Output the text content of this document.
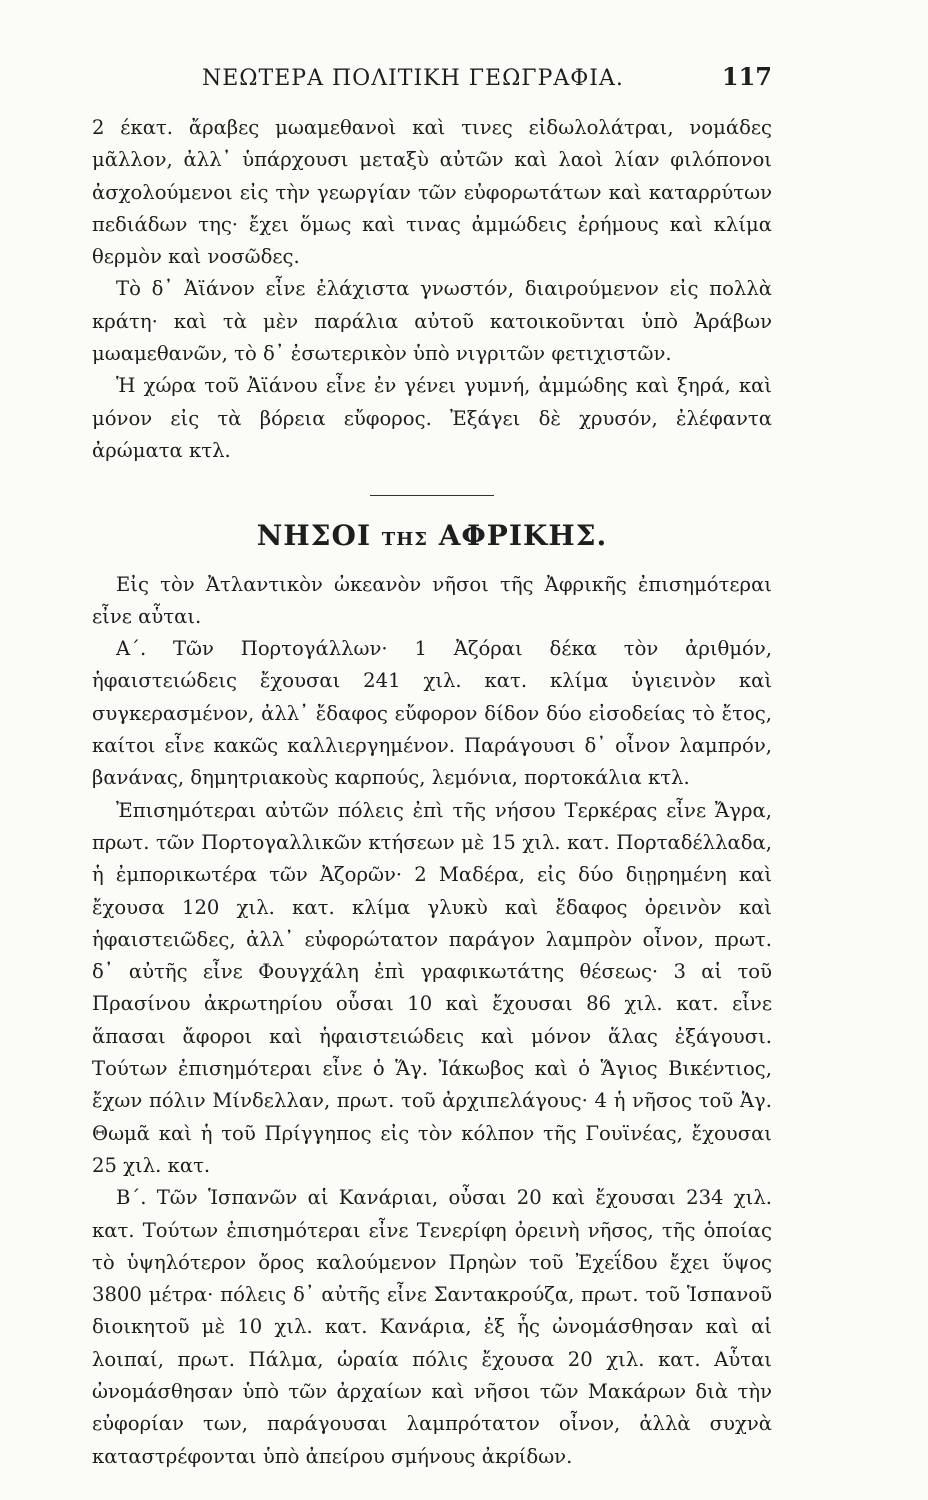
ΝΕΩΤΕΡΑ ΠΟΛΙΤΙΚΗ ΓΕΩΓΡΑΦΙΑ.	117

2 έκατ. ἄραβες μωαμεθανοὶ καὶ τινες εἰδωλολάτραι, νομάδες μᾶλλον, ἀλλ᾽ ὑπάρχουσι μεταξὺ αὐτῶν καὶ λαοὶ λίαν φιλόπονοι ἀσχολούμενοι εἰς τὴν γεωργίαν τῶν εὐφορωτάτων καὶ καταρρύτων πεδιάδων της· ἔχει ὅμως καὶ τινας ἀμμώδεις ἐρήμους καὶ κλίμα θερμὸν καὶ νοσῶδες.

Τὸ δ᾽ Ἀϊάνον εἶνε ἐλάχιστα γνωστόν, διαιρούμενον εἰς πολλὰ κράτη· καὶ τὰ μὲν παράλια αὐτοῦ κατοικοῦνται ὑπὸ Ἀράβων μωαμεθανῶν, τὸ δ᾽ ἐσωτερικὸν ὑπὸ νιγριτῶν φετιχιστῶν.

Ἡ χώρα τοῦ Ἀϊάνου εἶνε ἐν γένει γυμνή, ἀμμώδης καὶ ξηρά, καὶ μόνον εἰς τὰ βόρεια εὔφορος. Ἐξάγει δὲ χρυσόν, ἐλέφαντα ἀρώματα κτλ.

ΝΗΣΟΙ ΤΗΣ ΑΦΡΙΚΗΣ.

Εἰς τὸν Ἀτλαντικὸν ὠκεανὸν νῆσοι τῆς Ἀφρικῆς ἐπισημότεραι εἶνε αὗται.

Α΄. Τῶν Πορτογάλλων· 1 Ἀζόραι δέκα τὸν ἀριθμόν, ἡφαιστειώδεις ἔχουσαι 241 χιλ. κατ. κλίμα ὑγιεινὸν καὶ συγκερασμένον, ἀλλ᾽ ἔδαφος εὔφορον δίδον δύο εἰσοδείας τὸ ἔτος, καίτοι εἶνε κακῶς καλλιεργημένον. Παράγουσι δ᾽ οἶνον λαμπρόν, βανάνας, δημητριακοὺς καρπούς, λεμόνια, πορτοκάλια κτλ.

Ἐπισημότεραι αὐτῶν πόλεις ἐπὶ τῆς νήσου Τερκέρας εἶνε Ἄγρα, πρωτ. τῶν Πορτογαλλικῶν κτήσεων μὲ 15 χιλ. κατ. Πορταδέλλαδα, ἡ ἐμπορικωτέρα τῶν Ἀζορῶν· 2 Μαδέρα, εἰς δύο διῃρημένη καὶ ἔχουσα 120 χιλ. κατ. κλίμα γλυκὺ καὶ ἔδαφος ὀρεινὸν καὶ ἡφαιστειῶδες, ἀλλ᾽ εὐφορώτατον παράγον λαμπρὸν οἶνον, πρωτ. δ᾽ αὐτῆς εἶνε Φουγχάλη ἐπὶ γραφικωτάτης θέσεως· 3 αἱ τοῦ Πρασίνου ἀκρωτηρίου οὖσαι 10 καὶ ἔχουσαι 86 χιλ. κατ. εἶνε ἅπασαι ἄφοροι καὶ ἡφαιστειώδεις καὶ μόνον ἅλας ἐξάγουσι. Τούτων ἐπισημότεραι εἶνε ὁ Ἅγ. Ἰάκωβος καὶ ὁ Ἅγιος Βικέντιος, ἔχων πόλιν Μίνδελλαν, πρωτ. τοῦ ἀρχιπελάγους· 4 ἡ νῆσος τοῦ Ἁγ. Θωμᾶ καὶ ἡ τοῦ Πρίγγηπος εἰς τὸν κόλπον τῆς Γουϊνέας, ἔχουσαι 25 χιλ. κατ.

Β΄. Τῶν Ἱσπανῶν αἱ Κανάριαι, οὖσαι 20 καὶ ἔχουσαι 234 χιλ. κατ. Τούτων ἐπισημότεραι εἶνε Τενερίφη ὀρεινὴ νῆσος, τῆς ὁποίας τὸ ὑψηλότερον ὄρος καλούμενον Πρηὼν τοῦ Ἐχεΐδου ἔχει ὕψος 3800 μέτρα· πόλεις δ᾽ αὐτῆς εἶνε Σαντακρούζα, πρωτ. τοῦ Ἱσπανοῦ διοικητοῦ μὲ 10 χιλ. κατ. Κανάρια, ἐξ ἧς ὠνομάσθησαν καὶ αἱ λοιπαί, πρωτ. Πάλμα, ὡραία πόλις ἔχουσα 20 χιλ. κατ. Αὗται ὠνομάσθησαν ὑπὸ τῶν ἀρχαίων καὶ νῆσοι τῶν Μακάρων διὰ τὴν εὐφορίαν των, παράγουσαι λαμπρότατον οἶνον, ἀλλὰ συχνὰ καταστρέφονται ὑπὸ ἀπείρου σμήνους ἀκρίδων.
